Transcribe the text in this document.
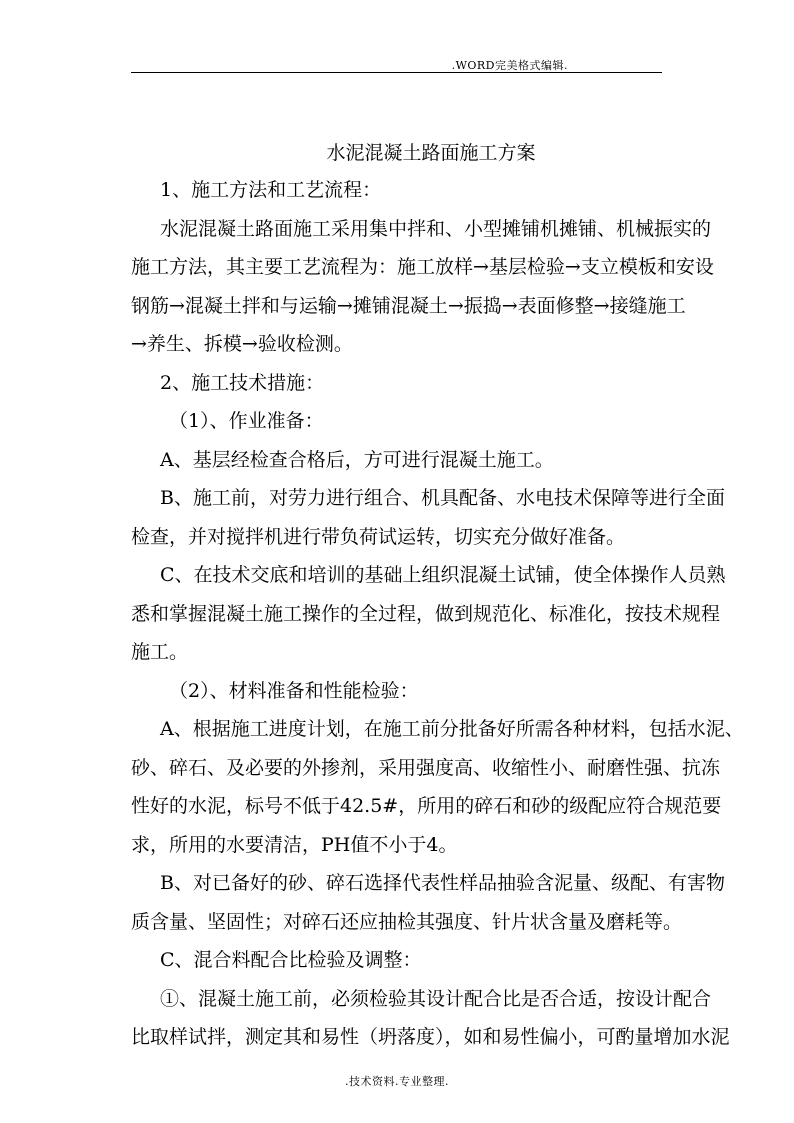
.WORD完美格式编辑.
水泥混凝土路面施工方案

1、施工方法和工艺流程：

水泥混凝土路面施工采用集中拌和、小型摊铺机摊铺、机械振实的

施工方法，其主要工艺流程为：施工放样→基层检验→支立模板和安设

钢筋→混凝土拌和与运输→摊铺混凝土→振捣→表面修整→接缝施工

→养生、拆模→验收检测。

2、施工技术措施：

（1）、作业准备：

A、基层经检查合格后，方可进行混凝土施工。

B、施工前，对劳力进行组合、机具配备、水电技术保障等进行全面

检查，并对搅拌机进行带负荷试运转，切实充分做好准备。

C、在技术交底和培训的基础上组织混凝土试铺，使全体操作人员熟

悉和掌握混凝土施工操作的全过程，做到规范化、标准化，按技术规程

施工。

（2）、材料准备和性能检验：

A、根据施工进度计划，在施工前分批备好所需各种材料，包括水泥、

砂、碎石、及必要的外掺剂，采用强度高、收缩性小、耐磨性强、抗冻

性好的水泥，标号不低于42.5#，所用的碎石和砂的级配应符合规范要

求，所用的水要清洁，PH值不小于4。

B、对已备好的砂、碎石选择代表性样品抽验含泥量、级配、有害物

质含量、坚固性；对碎石还应抽检其强度、针片状含量及磨耗等。

C、混合料配合比检验及调整：

①、混凝土施工前，必须检验其设计配合比是否合适，按设计配合

比取样试拌，测定其和易性（坍落度），如和易性偏小，可酌量增加水泥

.技术资料.专业整理.
